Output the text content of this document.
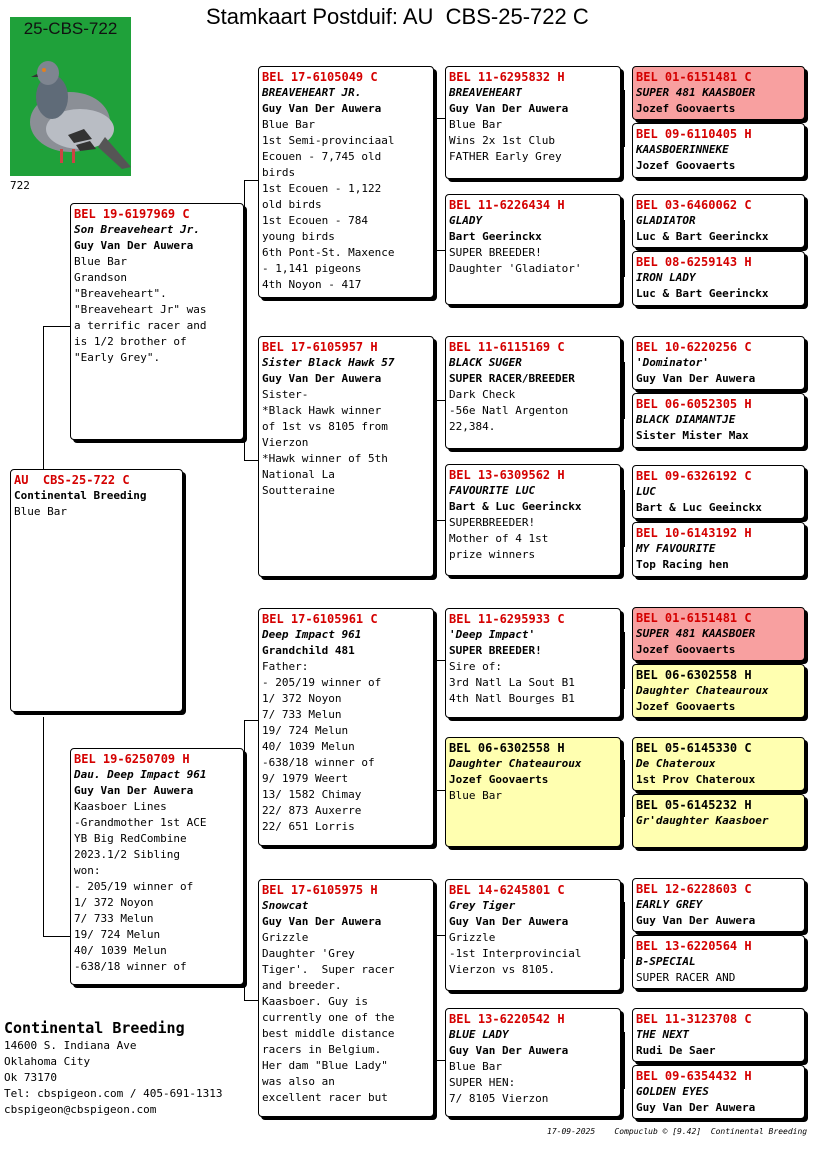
Stamkaart Postduif: AU  CBS-25-722 C
25-CBS-722
722
AU  CBS-25-722 C
Continental Breeding
Blue Bar
BEL 19-6197969 C
Son Breaveheart Jr.
Guy Van Der Auwera
Blue Bar
Grandson
"Breaveheart".
"Breaveheart Jr" was
a terrific racer and
is 1/2 brother of
"Early Grey".
BEL 19-6250709 H
Dau. Deep Impact 961
Guy Van Der Auwera
Kaasboer Lines
-Grandmother 1st ACE
YB Big RedCombine
2023.1/2 Sibling
won:
- 205/19 winner of
1/ 372 Noyon
7/ 733 Melun
19/ 724 Melun
40/ 1039 Melun
-638/18 winner of
BEL 17-6105049 C
BREAVEHEART JR.
Guy Van Der Auwera
Blue Bar
1st Semi-provinciaal
Ecouen - 7,745 old
birds
1st Ecouen - 1,122
old birds
1st Ecouen - 784
young birds
6th Pont-St. Maxence
- 1,141 pigeons
4th Noyon - 417
BEL 17-6105957 H
Sister Black Hawk 57
Guy Van Der Auwera
Sister-
*Black Hawk winner
of 1st vs 8105 from
Vierzon
*Hawk winner of 5th
National La
Soutteraine
BEL 17-6105961 C
Deep Impact 961
Grandchild 481
Father:
- 205/19 winner of
1/ 372 Noyon
7/ 733 Melun
19/ 724 Melun
40/ 1039 Melun
-638/18 winner of
9/ 1979 Weert
13/ 1582 Chimay
22/ 873 Auxerre
22/ 651 Lorris
BEL 17-6105975 H
Snowcat
Guy Van Der Auwera
Grizzle
Daughter 'Grey
Tiger'.  Super racer
and breeder.
Kaasboer. Guy is
currently one of the
best middle distance
racers in Belgium.
Her dam "Blue Lady"
was also an
excellent racer but
BEL 11-6295832 H
BREAVEHEART
Guy Van Der Auwera
Blue Bar
Wins 2x 1st Club
FATHER Early Grey
BEL 11-6226434 H
GLADY
Bart Geerinckx
SUPER BREEDER!
Daughter 'Gladiator'
BEL 11-6115169 C
BLACK SUGER
SUPER RACER/BREEDER
Dark Check
-56e Natl Argenton
22,384.
BEL 13-6309562 H
FAVOURITE LUC
Bart & Luc Geerinckx
SUPERBREEDER!
Mother of 4 1st
prize winners
BEL 11-6295933 C
'Deep Impact'
SUPER BREEDER!
Sire of:
3rd Natl La Sout B1
4th Natl Bourges B1
BEL 06-6302558 H
Daughter Chateauroux
Jozef Goovaerts
Blue Bar
BEL 14-6245801 C
Grey Tiger
Guy Van Der Auwera
Grizzle
-1st Interprovincial
Vierzon vs 8105.
BEL 13-6220542 H
BLUE LADY
Guy Van Der Auwera
Blue Bar
SUPER HEN:
7/ 8105 Vierzon
BEL 01-6151481 C
SUPER 481 KAASBOER
Jozef Goovaerts
BEL 09-6110405 H
KAASBOERINNEKE
Jozef Goovaerts
BEL 03-6460062 C
GLADIATOR
Luc & Bart Geerinckx
BEL 08-6259143 H
IRON LADY
Luc & Bart Geerinckx
BEL 10-6220256 C
'Dominator'
Guy Van Der Auwera
BEL 06-6052305 H
BLACK DIAMANTJE
Sister Mister Max
BEL 09-6326192 C
LUC
Bart & Luc Geeinckx
BEL 10-6143192 H
MY FAVOURITE
Top Racing hen
BEL 01-6151481 C
SUPER 481 KAASBOER
Jozef Goovaerts
BEL 06-6302558 H
Daughter Chateauroux
Jozef Goovaerts
BEL 05-6145330 C
De Chateroux
1st Prov Chateroux
BEL 05-6145232 H
Gr'daughter Kaasboer
BEL 12-6228603 C
EARLY GREY
Guy Van Der Auwera
BEL 13-6220564 H
B-SPECIAL
SUPER RACER AND
BEL 11-3123708 C
THE NEXT
Rudi De Saer
BEL 09-6354432 H
GOLDEN EYES
Guy Van Der Auwera
Continental Breeding
14600 S. Indiana Ave
Oklahoma City
Ok 73170
Tel: cbspigeon.com / 405-691-1313
cbspigeon@cbspigeon.com
17-09-2025    Compuclub © [9.42]  Continental Breeding
